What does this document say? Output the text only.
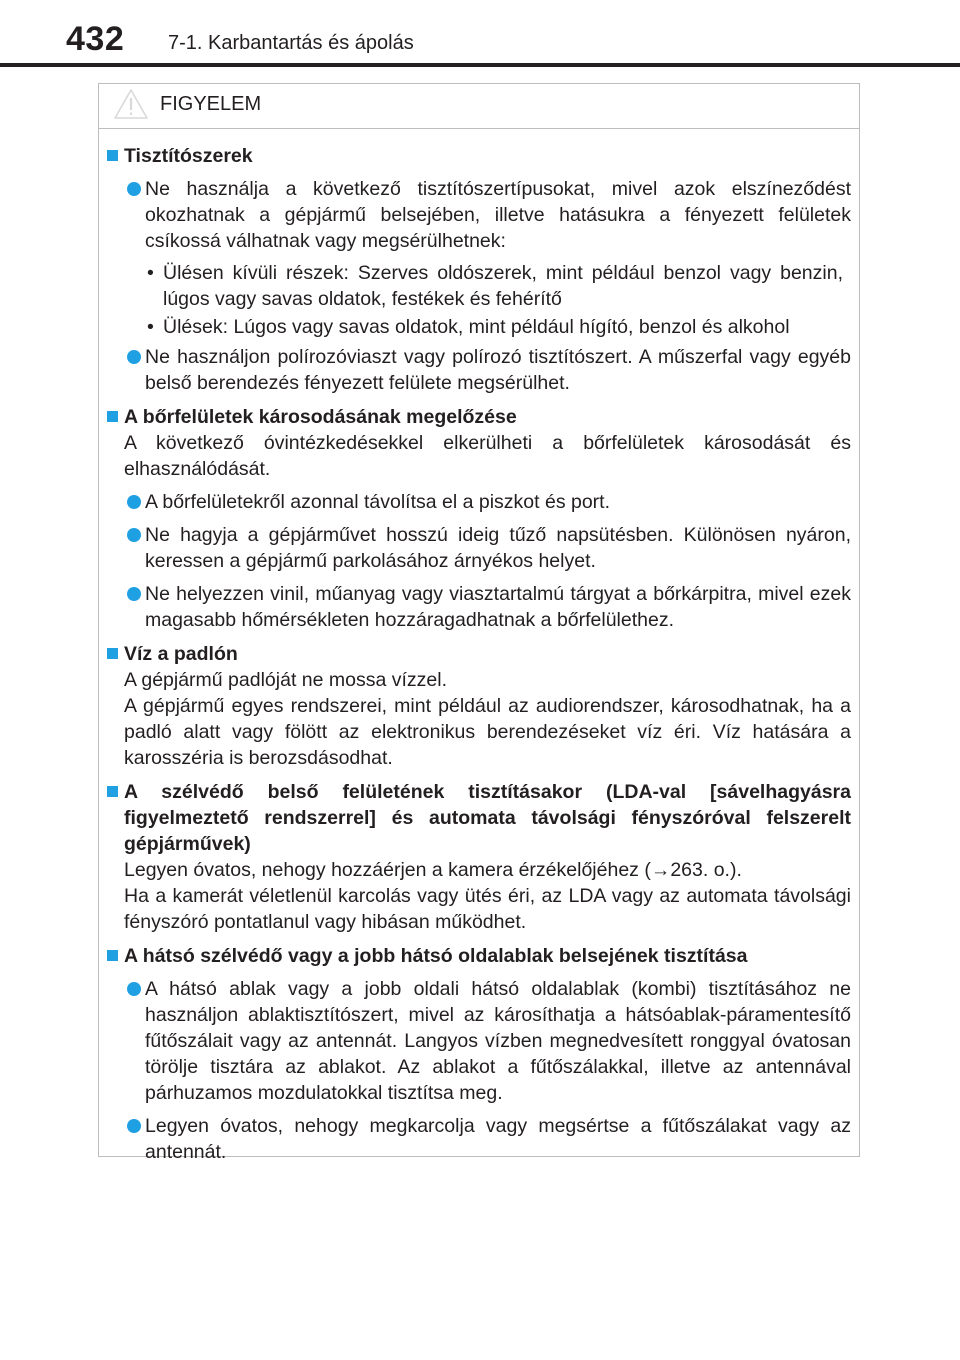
432 7-1. Karbantartás és ápolás
FIGYELEM
Tisztítószerek
Ne használja a következő tisztítószertípusokat, mivel azok elszíneződést okozhatnak a gépjármű belsejében, illetve hatásukra a fényezett felületek csíkossá válhatnak vagy megsérülhetnek:
• Ülésen kívüli részek: Szerves oldószerek, mint például benzol vagy benzin, lúgos vagy savas oldatok, festékek és fehérítő
• Ülések: Lúgos vagy savas oldatok, mint például hígító, benzol és alkohol
Ne használjon polírozóviaszt vagy polírozó tisztítószert. A műszerfal vagy egyéb belső berendezés fényezett felülete megsérülhet.
A bőrfelületek károsodásának megelőzése
A következő óvintézkedésekkel elkerülheti a bőrfelületek károsodását és elhasználódását.
A bőrfelületekről azonnal távolítsa el a piszkot és port.
Ne hagyja a gépjárművet hosszú ideig tűző napsütésben. Különösen nyáron, keressen a gépjármű parkolásához árnyékos helyet.
Ne helyezzen vinil, műanyag vagy viasztartalmú tárgyat a bőrkárpitra, mivel ezek magasabb hőmérsékleten hozzáragadhatnak a bőrfelülethez.
Víz a padlón
A gépjármű padlóját ne mossa vízzel.
A gépjármű egyes rendszerei, mint például az audiorendszer, károsodhatnak, ha a padló alatt vagy fölött az elektronikus berendezéseket víz éri. Víz hatására a karosszéria is berozsdásodhat.
A szélvédő belső felületének tisztításakor (LDA-val [sávelhagyásra figyelmeztető rendszerrel] és automata távolsági fényszóróval felszerelt gépjárművek)
Legyen óvatos, nehogy hozzáérjen a kamera érzékelőjéhez (→263. o.).
Ha a kamerát véletlenül karcolás vagy ütés éri, az LDA vagy az automata távolsági fényszóró pontatlanul vagy hibásan működhet.
A hátsó szélvédő vagy a jobb hátsó oldalablak belsejének tisztítása
A hátsó ablak vagy a jobb oldali hátsó oldalablak (kombi) tisztításához ne használjon ablaktisztítószert, mivel az károsíthatja a hátsóablak-páramentesítő fűtőszálait vagy az antennát. Langyos vízben megnedvesített ronggyal óvatosan törölje tisztára az ablakot. Az ablakot a fűtőszálakkal, illetve az antennával párhuzamos mozdulatokkal tisztítsa meg.
Legyen óvatos, nehogy megkarcolja vagy megsértse a fűtőszálakat vagy az antennát.
